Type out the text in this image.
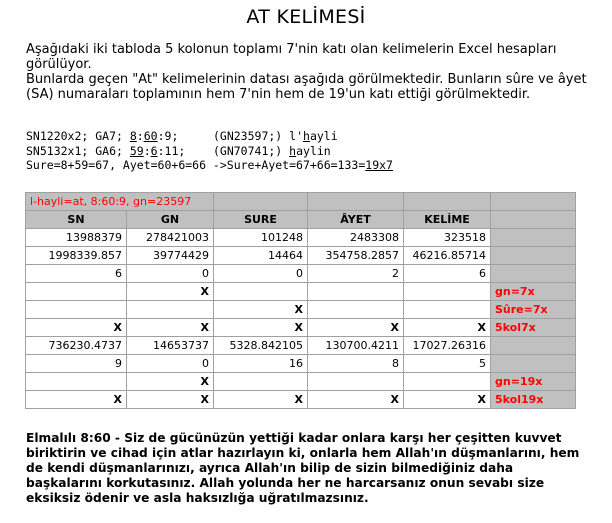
AT KELİMESİ

Aşağıdaki iki tabloda 5 kolonun toplamı 7'nin katı olan kelimelerin Excel hesapları görülüyor.

Bunlarda geçen "At" kelimelerinin datası aşağıda görülmektedir. Bunların sûre ve âyet (SA) numaraları toplamının hem 7'nin hem de 19'un katı ettiği görülmektedir.

SN1220x2; GA7; 8:60:9;     (GN23597;) l'hayli
SN5132x1; GA6; 59:6:11;    (GN70741;) haylin
Sure=8+59=67, Ayet=60+6=66 ->Sure+Ayet=67+66=133=19x7
l-hayli=at, 8:60:9, gn=23597					
SN	GN	SURE	ÂYET	KELİME	
13988379	278421003	101248	2483308	323518	
1998339.857	39774429	14464	354758.2857	46216.85714	
6	0	0	2	6	
	X				gn=7x
		X			Sûre=7x
X	X	X	X	X	5kol7x
736230.4737	14653737	5328.842105	130700.4211	17027.26316	
9	0	16	8	5	
	X				gn=19x
X	X	X	X	X	5kol19x
Elmalılı 8:60 - Siz de gücünüzün yettiği kadar onlara karşı her çeşitten kuvvet biriktirin ve cihad için atlar hazırlayın ki, onlarla hem Allah'ın düşmanlarını, hem de kendi düşmanlarınızı, ayrıca Allah'ın bilip de sizin bilmediğiniz daha başkalarını korkutasınız. Allah yolunda her ne harcarsanız onun sevabı size eksiksiz ödenir ve asla haksızlığa uğratılmazsınız.
